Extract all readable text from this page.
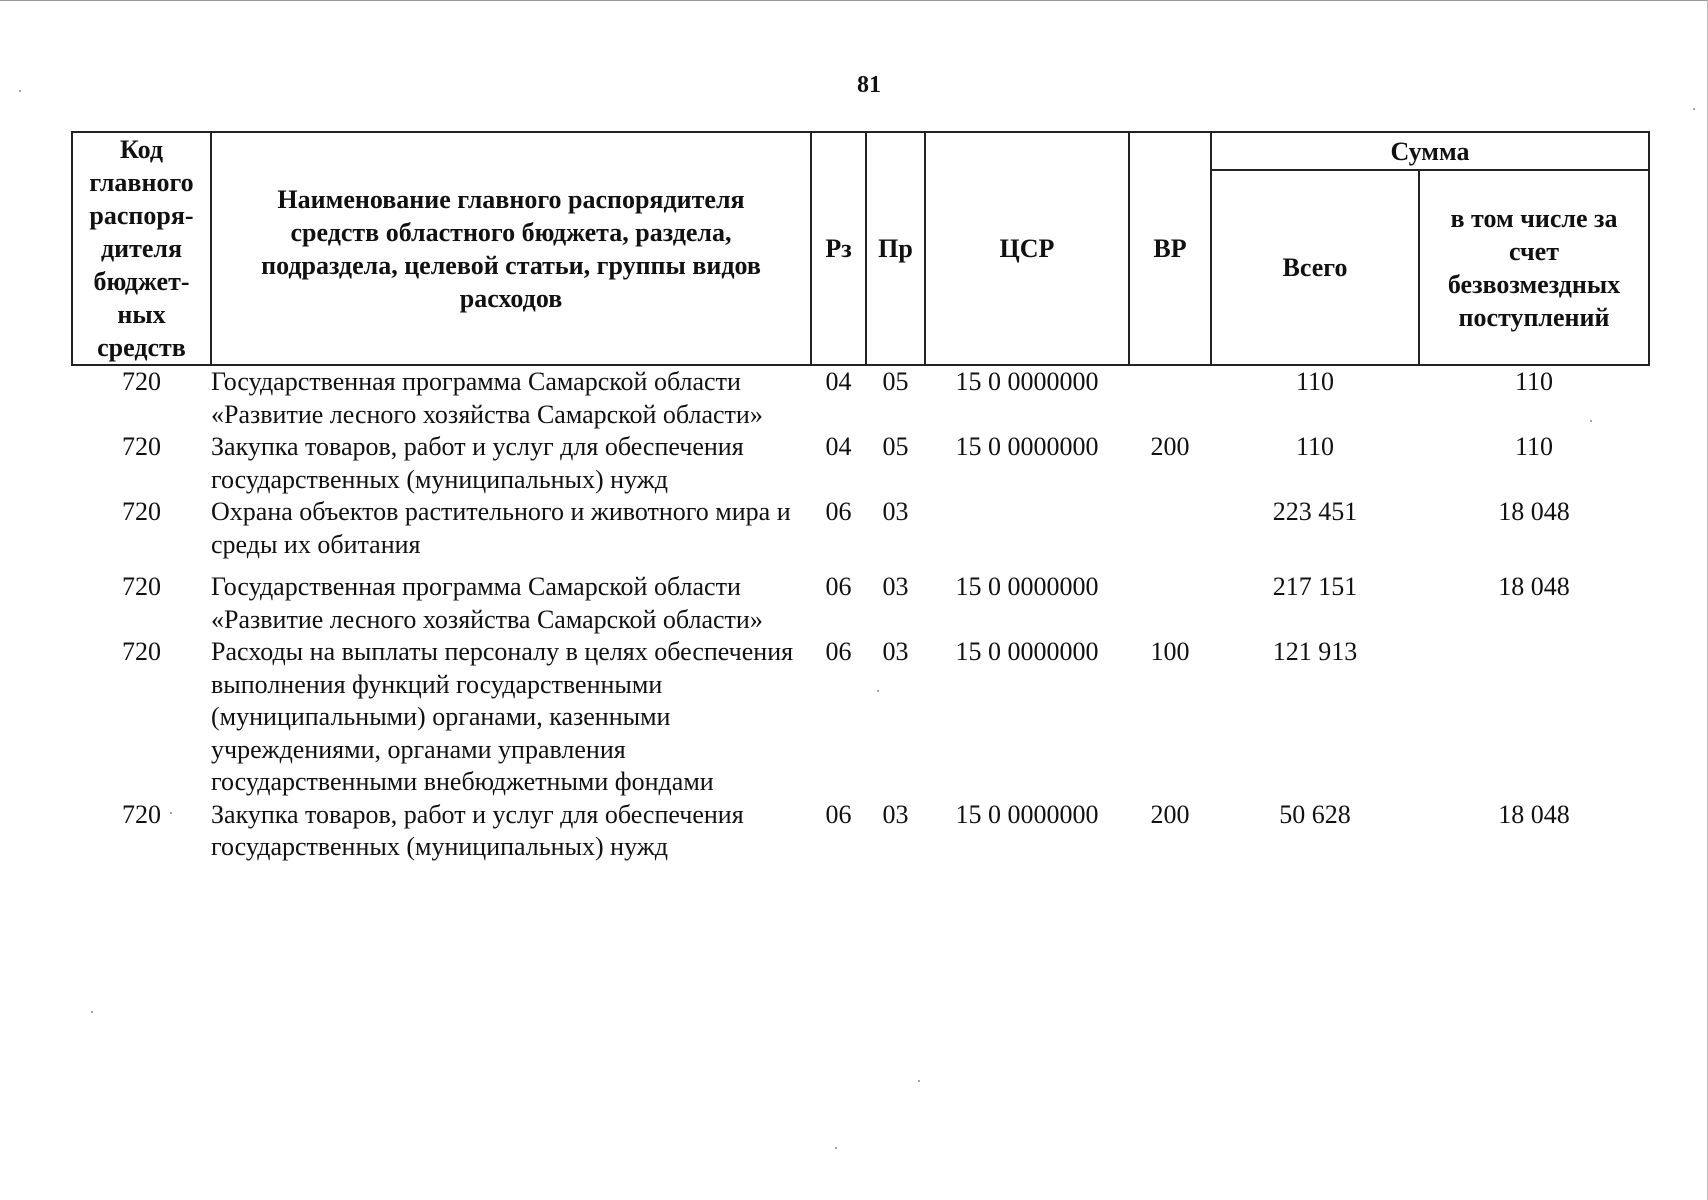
81
Код главного распоря-дителя бюджет-ных средств	Наименование главного распорядителя средств областного бюджета, раздела, подраздела, целевой статьи, группы видов расходов	Рз	Пр	ЦСР	ВР	Сумма	
						Всего	в том числе за счет безвозмездных поступлений
720	Государственная программа Самарской области «Развитие лесного хозяйства Самарской области»	04	05	15 0 0000000		110	110
720	Закупка товаров, работ и услуг для обеспечения государственных (муниципальных) нужд	04	05	15 0 0000000	200	110	110
720	Охрана объектов растительного и животного мира и среды их обитания	06	03			223 451	18 048
720	Государственная программа Самарской области «Развитие лесного хозяйства Самарской области»	06	03	15 0 0000000		217 151	18 048
720	Расходы на выплаты персоналу в целях обеспечения выполнения функций государственными (муниципальными) органами, казенными учреждениями, органами управления государственными внебюджетными фондами	06	03	15 0 0000000	100	121 913	
720	Закупка товаров, работ и услуг для обеспечения государственных (муниципальных) нужд	06	03	15 0 0000000	200	50 628	18 048
